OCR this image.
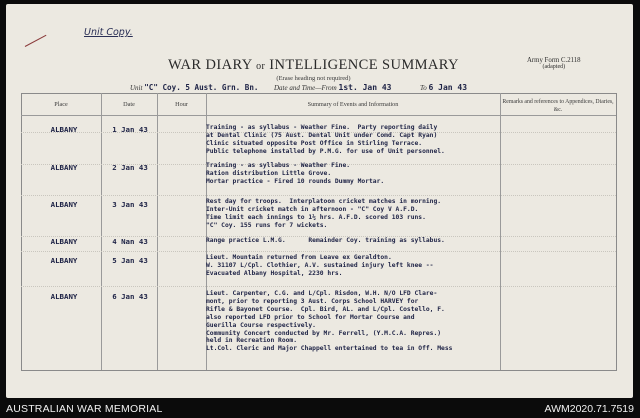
Unit Copy.
WAR DIARY or INTELLIGENCE SUMMARY
(Erase heading not required)
Army Form C.2118
(adapted)
Unit "C" Coy. 5 Aust. Grn. Bn. Date and Time—From 1st. Jan 43	To 6 Jan 43
Place	Date	Hour	Summary of Events and Information	Remarks and references to Appendices, Diaries, &c.
ALBANY	1 Jan 43	Training - as syllabus - Weather Fine.  Party reporting daily
at Dental Clinic (75 Aust. Dental Unit under Comd. Capt Ryan)
Clinic situated opposite Post Office in Stirling Terrace.
Public telephone installed by P.M.G. for use of Unit personnel.
ALBANY	2 Jan 43	Training - as syllabus - Weather Fine.
Ration distribution Little Grove.
Mortar practice - Fired 10 rounds Dummy Mortar.
ALBANY	3 Jan 43	Rest day for troops.  Interplatoon cricket matches in morning.
Inter-Unit cricket match in afternoon - "C" Coy V A.F.D.
Time limit each innings to 1½ hrs. A.F.D. scored 103 runs.
"C" Coy. 155 runs for 7 wickets.
ALBANY	4 Nan 43	Range practice L.M.G.      Remainder Coy. training as syllabus.
ALBANY	5 Jan 43	Lieut. Mountain returned from Leave ex Geraldton.
W. 31107 L/Cpl. Clothier, A.V. sustained injury left knee --
Evacuated Albany Hospital, 2230 hrs.
ALBANY	6 Jan 43	Lieut. Carpenter, C.G. and L/Cpl. Risdon, W.H. N/O LFD Clare-
mont, prior to reporting 3 Aust. Corps School HARVEY for
Rifle & Bayonet Course.  Cpl. Bird, AL. and L/Cpl. Costello, F.
also reported LFD prior to School for Mortar Course and
Guerilla Course respectively.
Community Concert conducted by Mr. Ferrell, (Y.M.C.A. Repres.)
held in Recreation Room.
Lt.Col. Cleric and Major Chappell entertained to tea in Off. Mess
AUSTRALIAN WAR MEMORIAL	AWM2020.71.7519
